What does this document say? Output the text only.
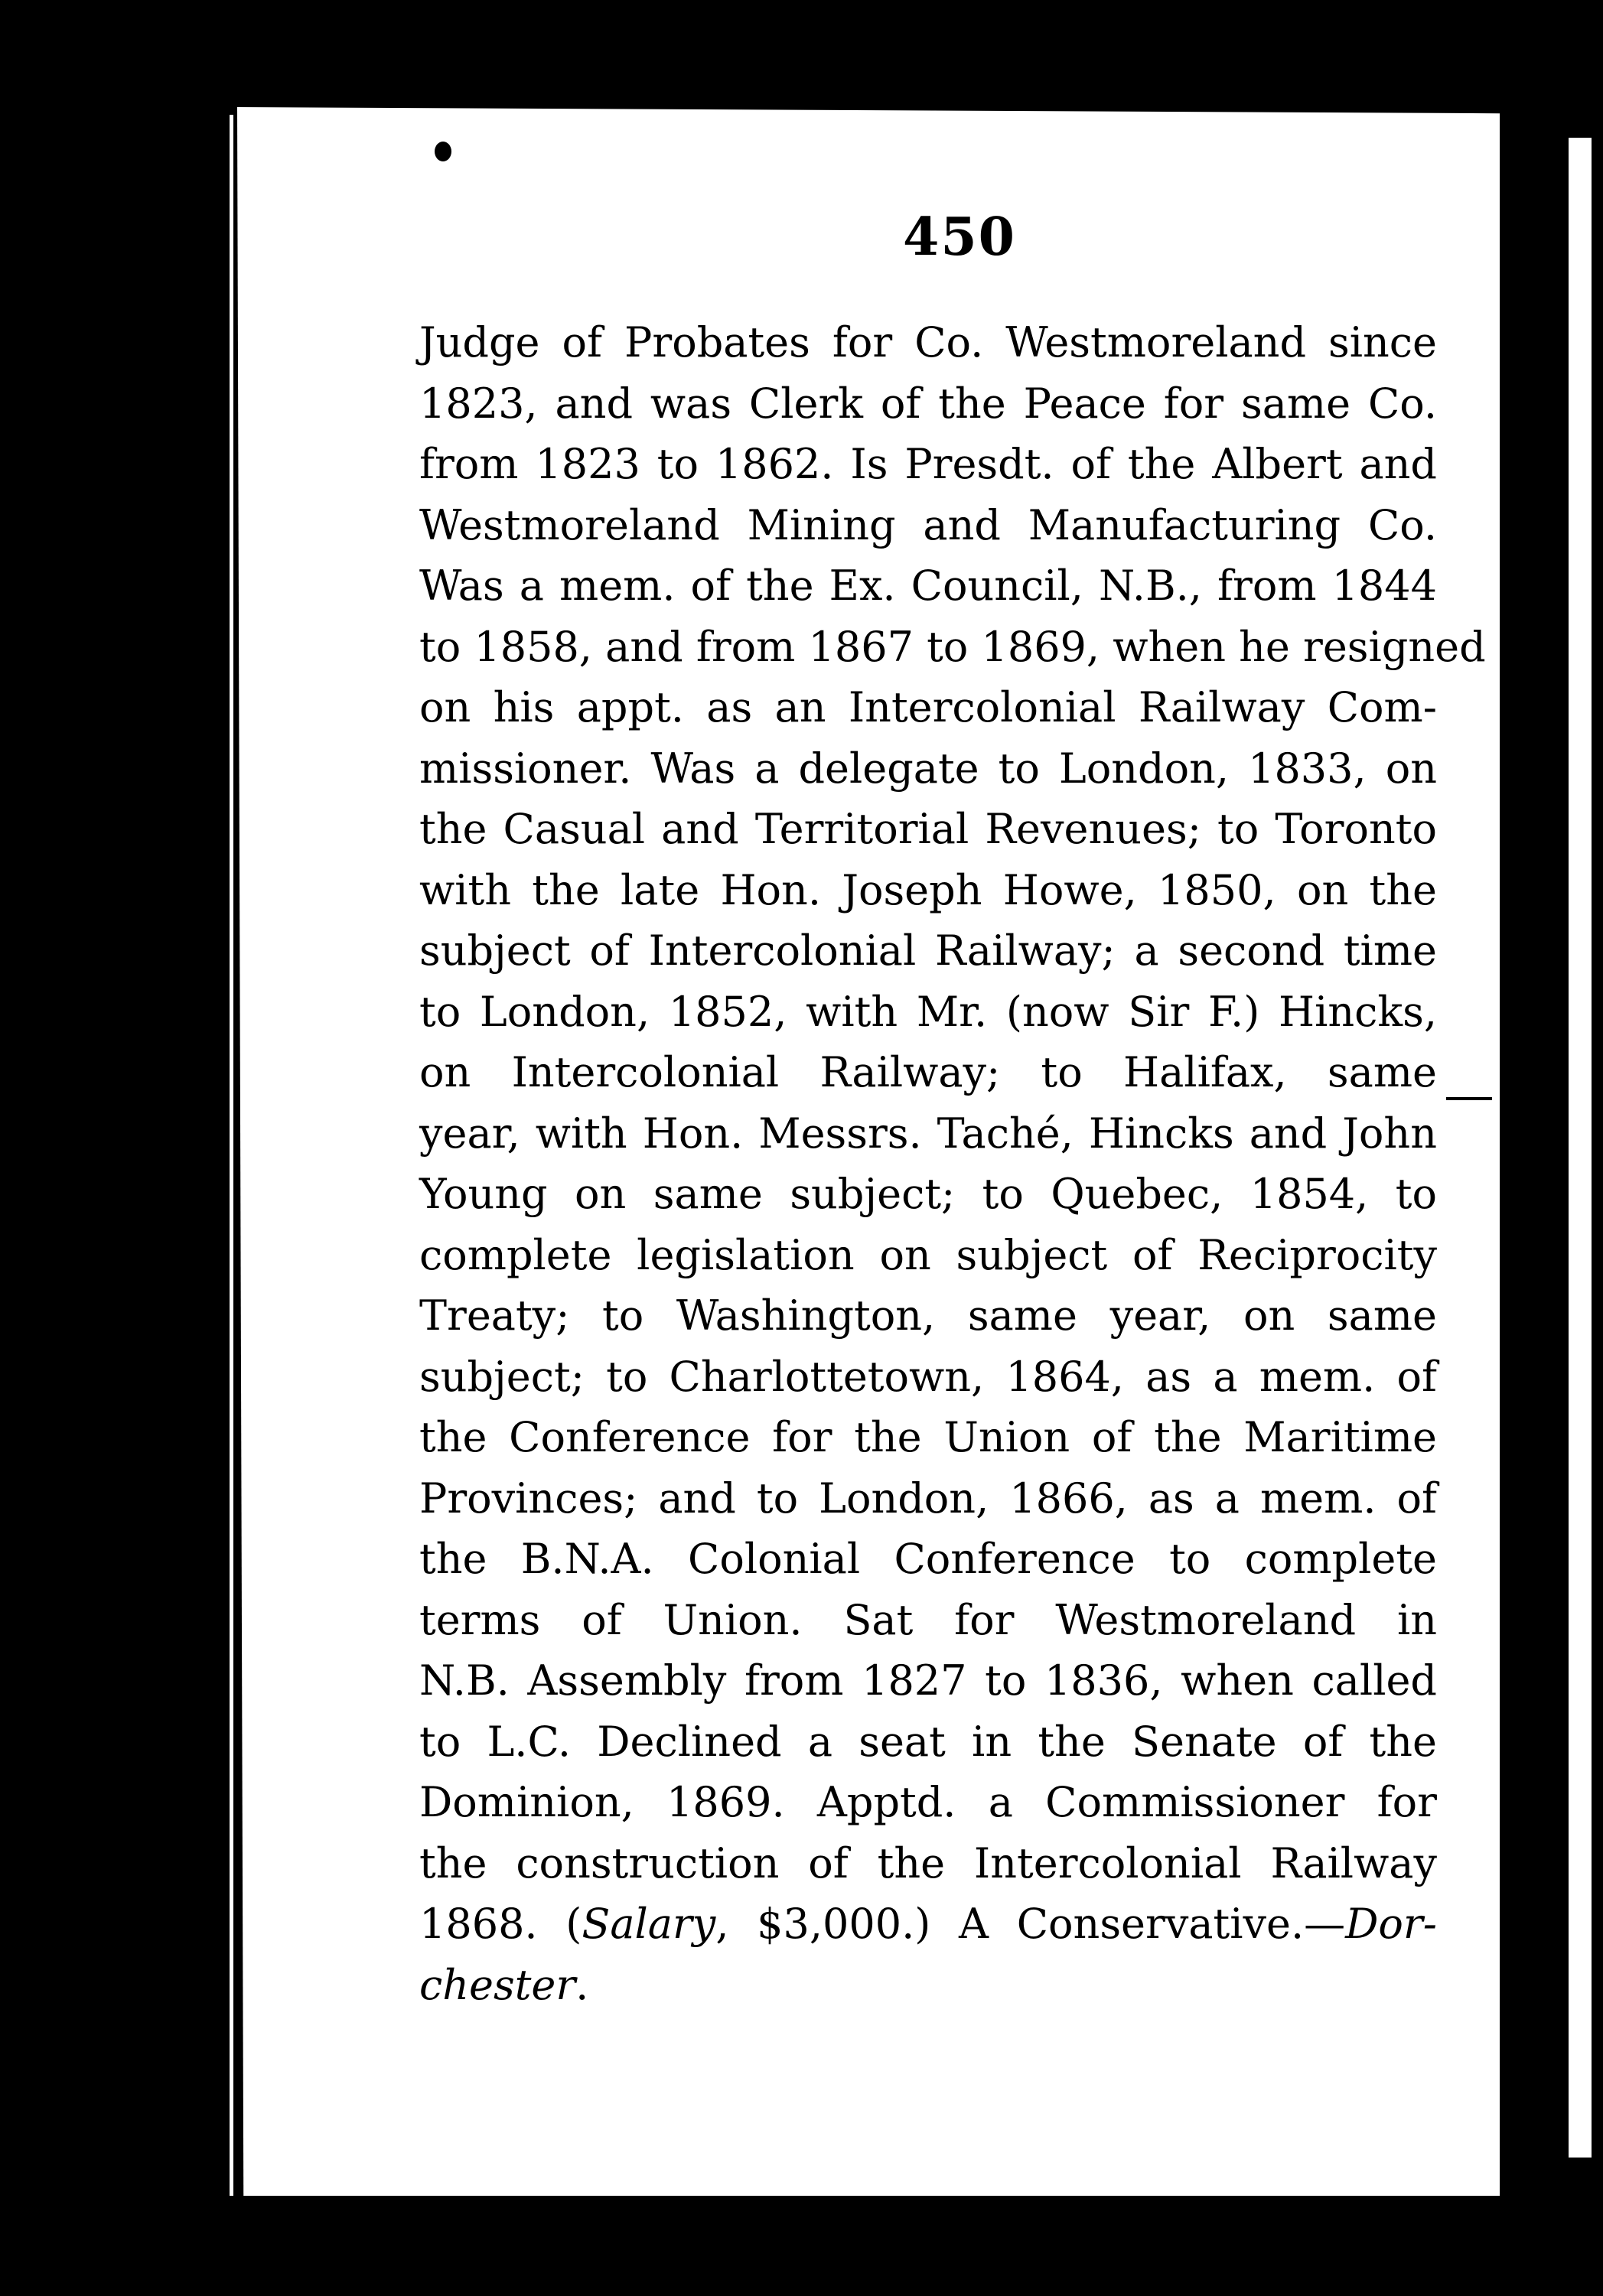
450
Judge of Probates for Co. Westmoreland since
1823, and was Clerk of the Peace for same Co.
from 1823 to 1862. Is Presdt. of the Albert and
Westmoreland Mining and Manufacturing Co.
Was a mem. of the Ex. Council, N.B., from 1844
to 1858, and from 1867 to 1869, when he resigned
on his appt. as an Intercolonial Railway Com-
missioner. Was a delegate to London, 1833, on
the Casual and Territorial Revenues; to Toronto
with the late Hon. Joseph Howe, 1850, on the
subject of Intercolonial Railway; a second time
to London, 1852, with Mr. (now Sir F.) Hincks,
on Intercolonial Railway; to Halifax, same
year, with Hon. Messrs. Taché, Hincks and John
Young on same subject; to Quebec, 1854, to
complete legislation on subject of Reciprocity
Treaty; to Washington, same year, on same
subject; to Charlottetown, 1864, as a mem. of
the Conference for the Union of the Maritime
Provinces; and to London, 1866, as a mem. of
the B.N.A. Colonial Conference to complete
terms of Union. Sat for Westmoreland in
N.B. Assembly from 1827 to 1836, when called
to L.C. Declined a seat in the Senate of the
Dominion, 1869. Apptd. a Commissioner for
the construction of the Intercolonial Railway
1868. (Salary, $3,000.) A Conservative.—Dor-
chester.
